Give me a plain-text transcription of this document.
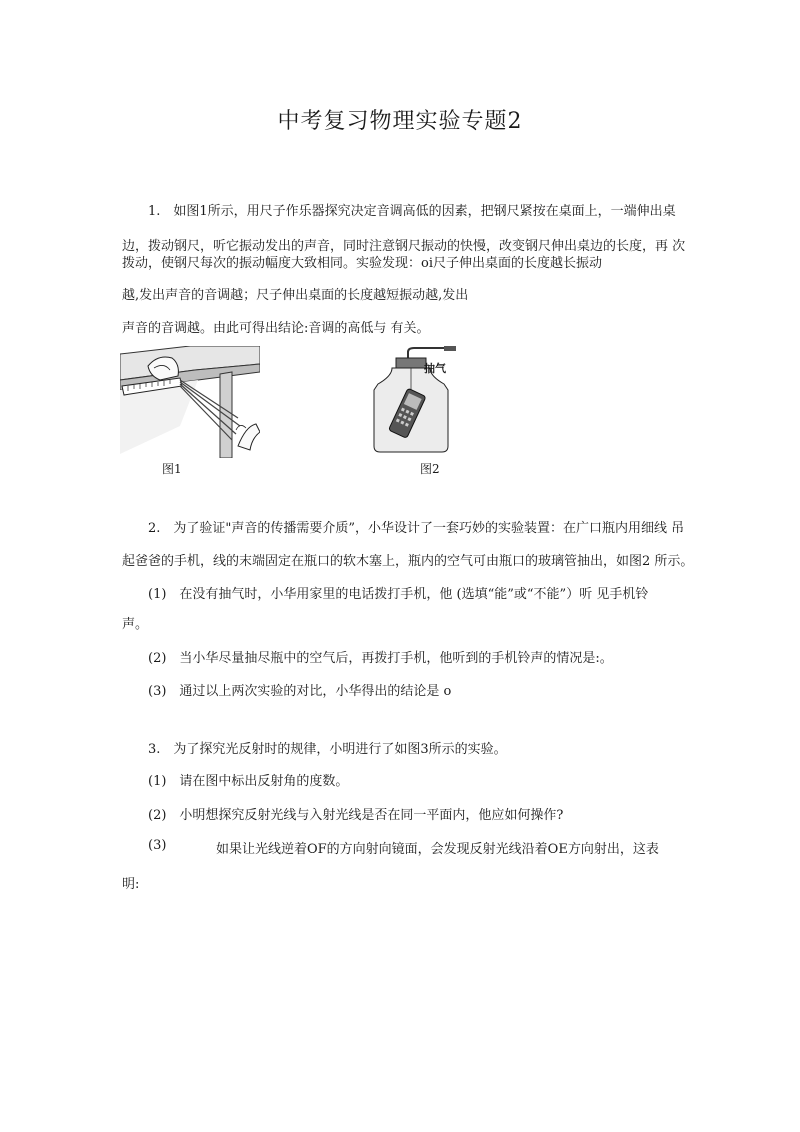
中考复习物理实验专题2
1.　如图1所示，用尺子作乐器探究决定音调高低的因素，把钢尺紧按在桌面上，一端伸出桌
边，拨动钢尺，听它振动发出的声音，同时注意钢尺振动的快慢，改变钢尺伸出桌边的长度，再 次
拨动，使钢尺每次的振动幅度大致相同。实验发现：oi尺子伸出桌面的长度越长振动
越,发出声音的音调越；尺子伸出桌面的长度越短振动越,发出
声音的音调越。由此可得出结论:音调的高低与 有关。
抽气
图1	图2
2.　为了验证"声音的传播需要介质”，小华设计了一套巧妙的实验装置：在广口瓶内用细线 吊
起爸爸的手机，线的末端固定在瓶口的软木塞上，瓶内的空气可由瓶口的玻璃管抽出，如图2 所示。
(1)　在没有抽气时，小华用家里的电话拨打手机，他 (选填“能”或“不能”）听 见手机铃
声。
(2)　当小华尽量抽尽瓶中的空气后，再拨打手机，他听到的手机铃声的情况是:。
(3)　通过以上两次实验的对比，小华得出的结论是 o
3.　为了探究光反射时的规律，小明进行了如图3所示的实验。
(1)　请在图中标出反射角的度数。
(2)　小明想探究反射光线与入射光线是否在同一平面内，他应如何操作?
(3)	如果让光线逆着OF的方向射向镜面，会发现反射光线沿着OE方向射出，这表
明:
